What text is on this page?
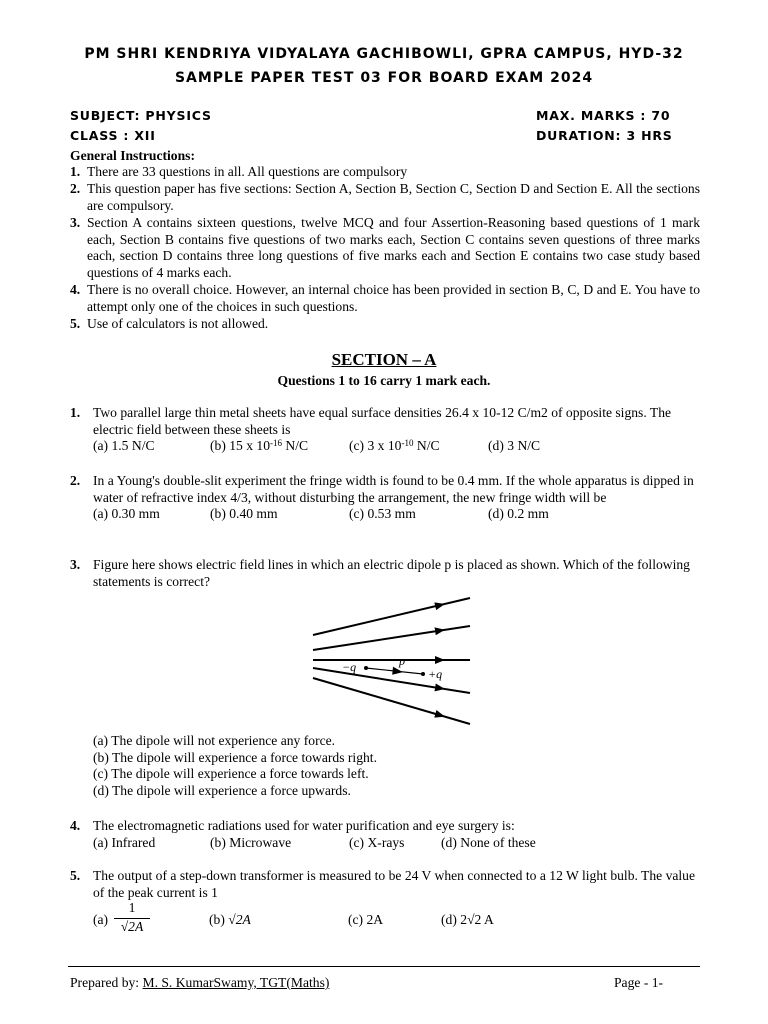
PM SHRI KENDRIYA VIDYALAYA GACHIBOWLI, GPRA CAMPUS, HYD-32
SAMPLE PAPER TEST 03 FOR BOARD EXAM 2024
SUBJECT: PHYSICS	MAX. MARKS : 70
CLASS : XII	DURATION: 3 HRS
General Instructions:
1. There are 33 questions in all. All questions are compulsory
2. This question paper has five sections: Section A, Section B, Section C, Section D and Section E. All the sections are compulsory.
3. Section A contains sixteen questions, twelve MCQ and four Assertion-Reasoning based questions of 1 mark each, Section B contains five questions of two marks each, Section C contains seven questions of three marks each, section D contains three long questions of five marks each and Section E contains two case study based questions of 4 marks each.
4. There is no overall choice. However, an internal choice has been provided in section B, C, D and E. You have to attempt only one of the choices in such questions.
5. Use of calculators is not allowed.
SECTION – A
Questions 1 to 16 carry 1 mark each.
1. Two parallel large thin metal sheets have equal surface densities 26.4 x 10-12 C/m2 of opposite signs. The electric field between these sheets is
(a) 1.5 N/C	(b) 15 x $10^{-16}$ N/C	(c) 3 x $10^{-10}$ N/C	(d) 3 N/C
2. In a Young's double-slit experiment the fringe width is found to be 0.4 mm. If the whole apparatus is dipped in water of refractive index 4/3, without disturbing the arrangement, the new fringe width will be
(a) 0.30 mm	(b) 0.40 mm	(c) 0.53 mm	(d) 0.2 mm
3. Figure here shows electric field lines in which an electric dipole p is placed as shown. Which of the following statements is correct?
−q	p
+q
(a) The dipole will not experience any force.
(b) The dipole will experience a force towards right.
(c) The dipole will experience a force towards left.
(d) The dipole will experience a force upwards.
4. The electromagnetic radiations used for water purification and eye surgery is:
(a) Infrared	(b) Microwave	(c) X-rays	(d) None of these
5. The output of a step-down transformer is measured to be 24 V when connected to a 12 W light bulb. The value of the peak current is 1
$(a) \frac{1}{√2A}$	(b) √2A	(c) 2A	(d) 2√2 A
Prepared by: M. S. KumarSwamy, TGT(Maths)	Page - 1-
